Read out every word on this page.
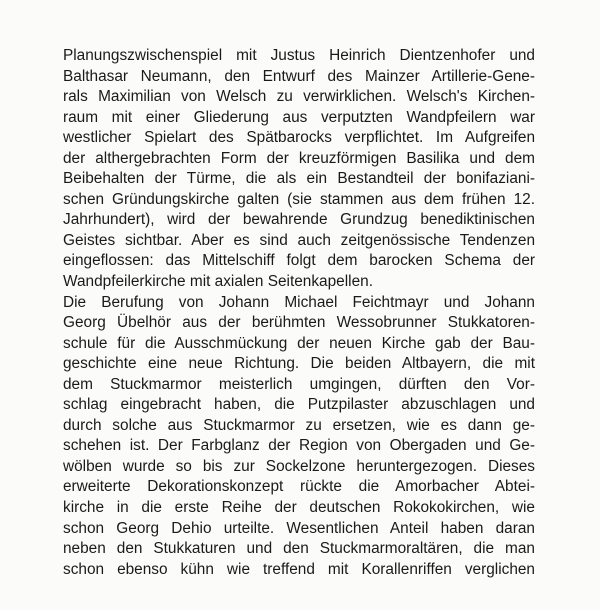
Planungszwischenspiel mit Justus Heinrich Dientzenhofer und
Balthasar Neumann, den Entwurf des Mainzer Artillerie-Gene-
rals Maximilian von Welsch zu verwirklichen. Welsch's Kirchen-
raum mit einer Gliederung aus verputzten Wandpfeilern war
westlicher Spielart des Spätbarocks verpflichtet. Im Aufgreifen
der althergebrachten Form der kreuzförmigen Basilika und dem
Beibehalten der Türme, die als ein Bestandteil der bonifaziani-
schen Gründungskirche galten (sie stammen aus dem frühen 12.
Jahrhundert), wird der bewahrende Grundzug benediktinischen
Geistes sichtbar. Aber es sind auch zeitgenössische Tendenzen
eingeflossen: das Mittelschiff folgt dem barocken Schema der
Wandpfeilerkirche mit axialen Seitenkapellen.
Die Berufung von Johann Michael Feichtmayr und Johann
Georg Übelhör aus der berühmten Wessobrunner Stukkatoren-
schule für die Ausschmückung der neuen Kirche gab der Bau-
geschichte eine neue Richtung. Die beiden Altbayern, die mit
dem Stuckmarmor meisterlich umgingen, dürften den Vor-
schlag eingebracht haben, die Putzpilaster abzuschlagen und
durch solche aus Stuckmarmor zu ersetzen, wie es dann ge-
schehen ist. Der Farbglanz der Region von Obergaden und Ge-
wölben wurde so bis zur Sockelzone heruntergezogen. Dieses
erweiterte Dekorationskonzept rückte die Amorbacher Abtei-
kirche in die erste Reihe der deutschen Rokokokirchen, wie
schon Georg Dehio urteilte. Wesentlichen Anteil haben daran
neben den Stukkaturen und den Stuckmarmoraltären, die man
schon ebenso kühn wie treffend mit Korallenriffen verglichen
